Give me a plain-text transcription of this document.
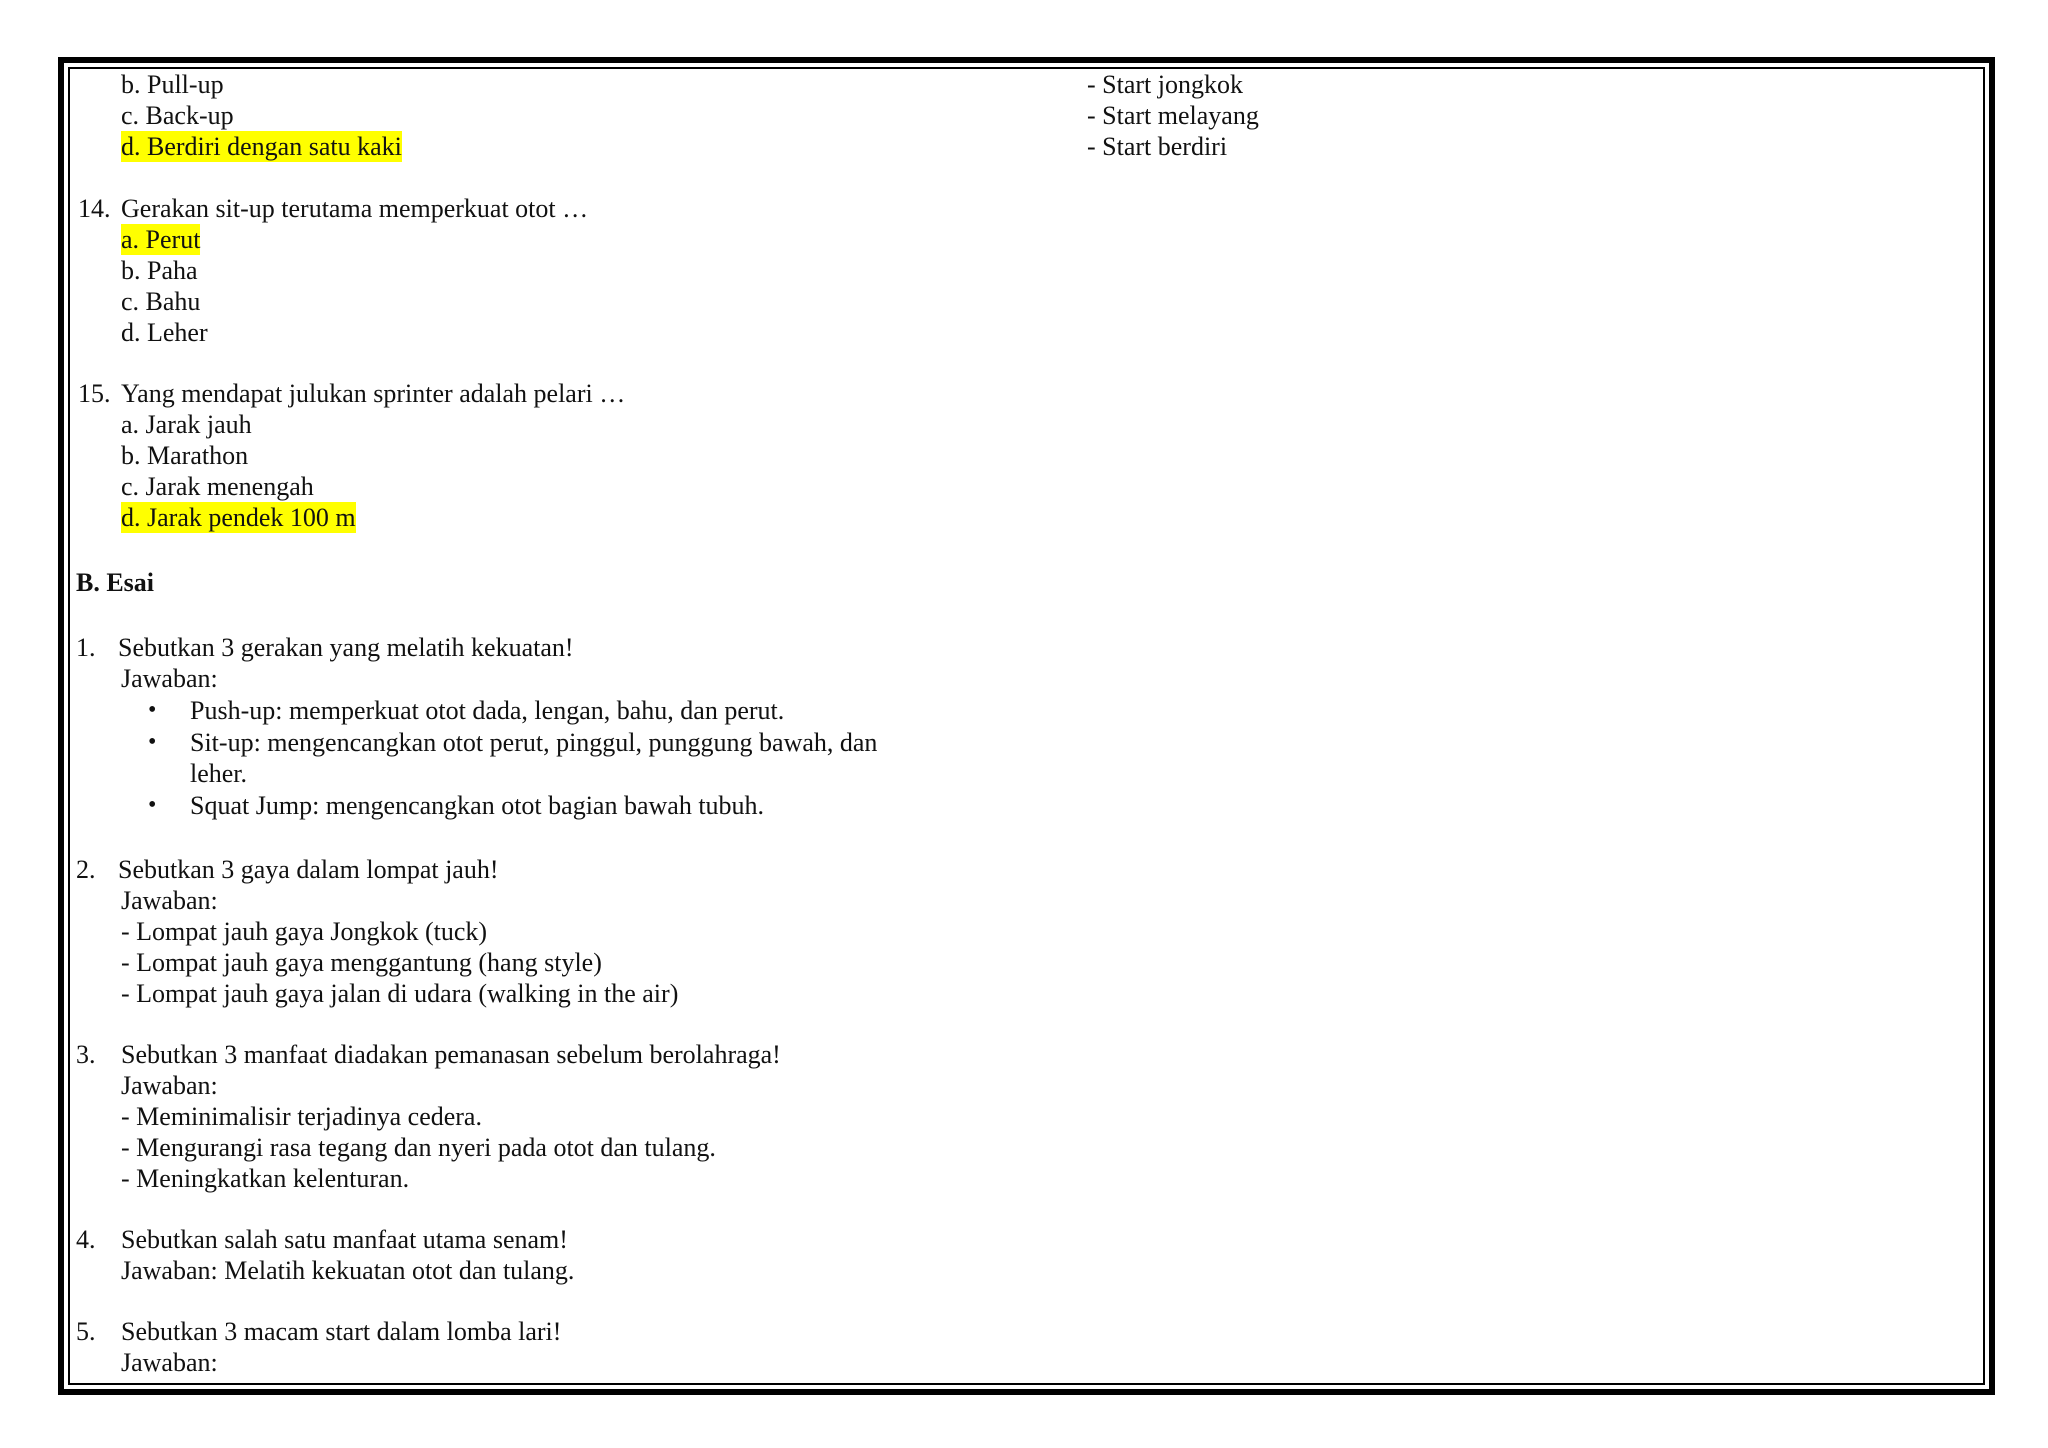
b. Pull-up
c. Back-up
d. Berdiri dengan satu kaki
- Start jongkok
- Start melayang
- Start berdiri
14. Gerakan sit-up terutama memperkuat otot …
a. Perut
b. Paha
c. Bahu
d. Leher
15. Yang mendapat julukan sprinter adalah pelari …
a. Jarak jauh
b. Marathon
c. Jarak menengah
d. Jarak pendek 100 m
B. Esai
1. Sebutkan 3 gerakan yang melatih kekuatan!
Jawaban:
• Push-up: memperkuat otot dada, lengan, bahu, dan perut.
• Sit-up: mengencangkan otot perut, pinggul, punggung bawah, dan
leher.
• Squat Jump: mengencangkan otot bagian bawah tubuh.
2. Sebutkan 3 gaya dalam lompat jauh!
Jawaban:
- Lompat jauh gaya Jongkok (tuck)
- Lompat jauh gaya menggantung (hang style)
- Lompat jauh gaya jalan di udara (walking in the air)
3. Sebutkan 3 manfaat diadakan pemanasan sebelum berolahraga!
Jawaban:
- Meminimalisir terjadinya cedera.
- Mengurangi rasa tegang dan nyeri pada otot dan tulang.
- Meningkatkan kelenturan.
4. Sebutkan salah satu manfaat utama senam!
Jawaban: Melatih kekuatan otot dan tulang.
5. Sebutkan 3 macam start dalam lomba lari!
Jawaban:
